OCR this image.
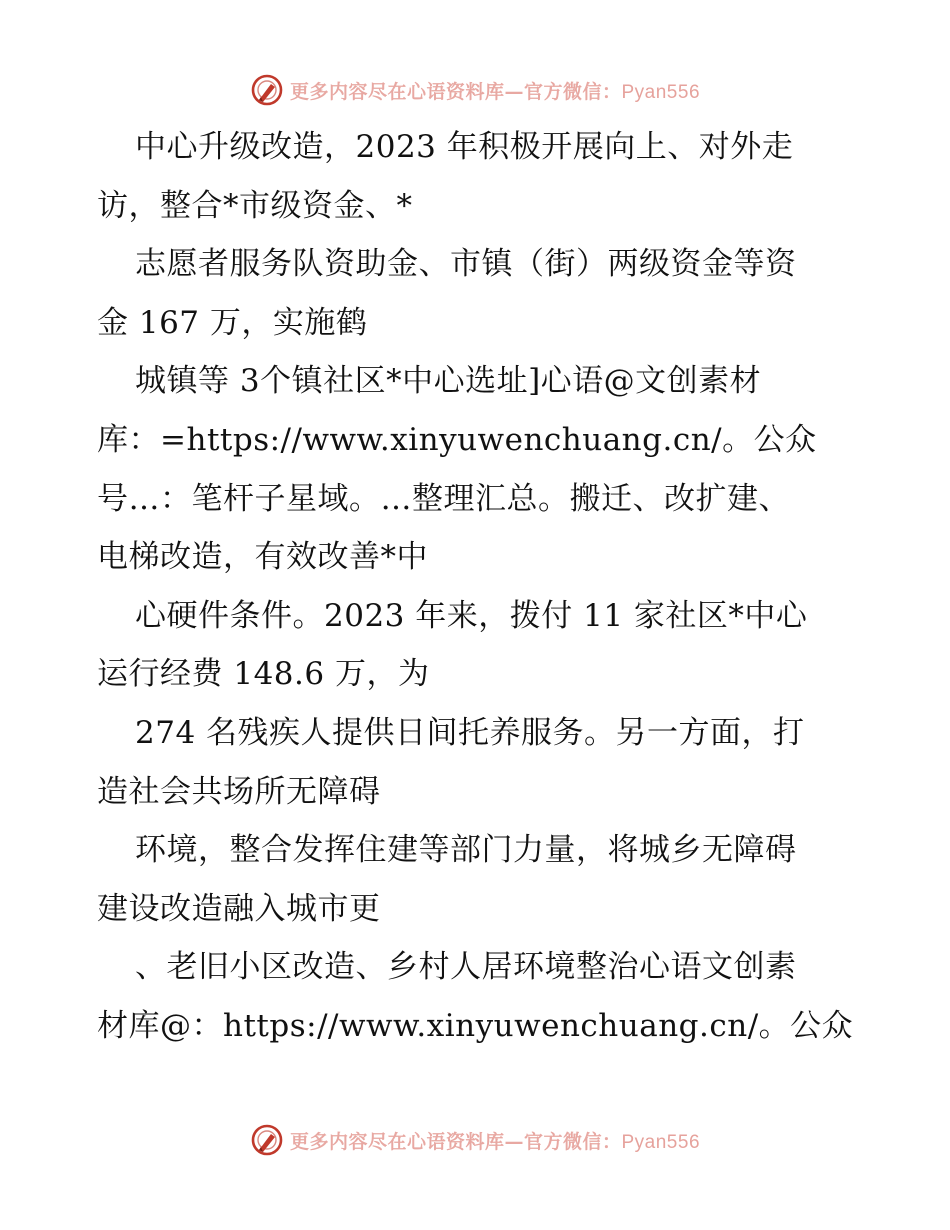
更多内容尽在心语资料库—官方微信：Pyan556
中心升级改造，2023 年积极开展向上、对外走
访，整合*市级资金、*
志愿者服务队资助金、市镇（街）两级资金等资
金 167 万，实施鹤
城镇等 3个镇社区*中心选址]心语@文创素材
库：=https://www.xinyuwenchuang.cn/。公众
号…：笔杆子星域。…整理汇总。搬迁、改扩建、
电梯改造，有效改善*中
心硬件条件。2023 年来，拨付 11 家社区*中心
运行经费 148.6 万，为
274 名残疾人提供日间托养服务。另一方面，打
造社会共场所无障碍
环境，整合发挥住建等部门力量，将城乡无障碍
建设改造融入城市更
、老旧小区改造、乡村人居环境整治心语文创素
材库@：https://www.xinyuwenchuang.cn/。公众
更多内容尽在心语资料库—官方微信：Pyan556
